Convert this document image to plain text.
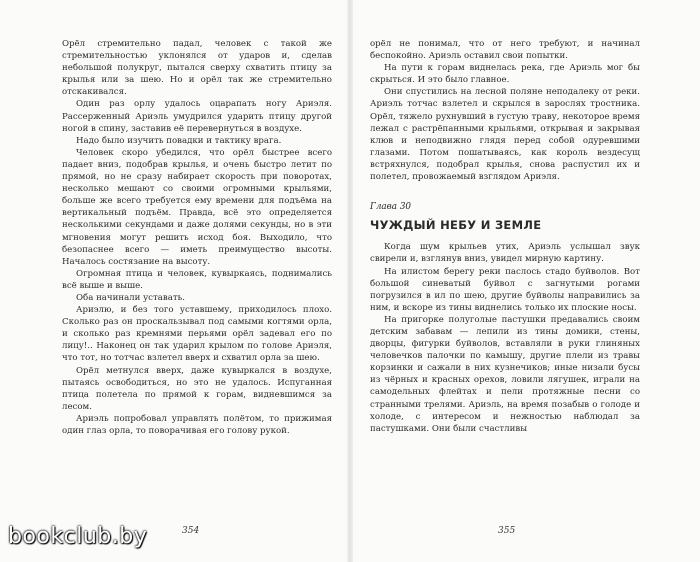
Орёл стремительно падал, человек с такой же стремительностью уклонялся от ударов и, сделав небольшой полукруг, пытался сверху схватить птицу за крылья или за шею. Но и орёл так же стремительно отскакивался.

Один раз орлу удалось оцарапать ногу Ариэля. Рассерженный Ариэль умудрился ударить птицу другой ногой в спину, заставив её перевернуться в воздухе.

Надо было изучить повадки и тактику врага.

Человек скоро убедился, что орёл быстрее всего падает вниз, подобрав крылья, и очень быстро летит по прямой, но не сразу набирает скорость при поворотах, несколько мешают со своими огромными крыльями, больше же всего требуется ему времени для подъёма на вертикальный подъём. Правда, всё это определяется несколькими секундами и даже долями секунды, но в эти мгновения могут решить исход боя. Выходило, что безопаснее всего — иметь преимущество высоты. Началось состязание на высоту.

Огромная птица и человек, кувыркаясь, поднимались всё выше и выше.

Оба начинали уставать.

Ариэлю, и без того уставшему, приходилось плохо. Сколько раз он проскальзывал под самыми когтями орла, и сколько раз кремнями перьями орёл задевал его по лицу!.. Наконец он так ударил крылом по голове Ариэля, что тот, но тотчас взлетел вверх и схватил орла за шею.

Орёл метнулся вверх, даже кувыркался в воздухе, пытаясь освободиться, но это не удалось. Испуганная птица полетела по прямой к горам, видневшимся за лесом.

Ариэль попробовал управлять полётом, то прижимая один глаз орла, то поворачивая его голову рукой.

354

орёл не понимал, что от него требуют, и начинал беспокойно. Ариэль оставил свои попытки.

На пути к горам виднелась река, где Ариэль мог бы скрыться. И это было главное.

Они спустились на лесной поляне неподалеку от реки. Ариэль тотчас взлетел и скрылся в зарослях тростника. Орёл, тяжело рухнувший в густую траву, некоторое время лежал с растрёпанными крыльями, открывая и закрывая клюв и неподвижно глядя перед собой одуревшими глазами. Потом пошатываясь, как король вездесущ встряхнулся, подобрал крылья, снова распустил их и полетел, провожаемый взглядом Ариэля.

Глава 30
ЧУЖДЫЙ НЕБУ И ЗЕМЛЕ

Когда шум крыльев утих, Ариэль услышал звук свирели и, взглянув вниз, увидел мирную картину.

На илистом берегу реки паслось стадо буйволов. Вот большой синеватый буйвол с загнутыми рогами погрузился в ил по шею, другие буйволы направились за ним, и вскоре из тины виднелись только их плоские носы.

На пригорке полуголые пастушки предавались своим детским забавам — лепили из тины домики, стены, дворцы, фигурки буйволов, вставляли в руки глиняных человечков палочки по камышу, другие плели из травы корзинки и сажали в них кузнечиков; иные низали бусы из чёрных и красных орехов, ловили лягушек, играли на самодельных флейтах и пели протяжные песни со странными трелями. Ариэль, на время позабыв о голоде и холоде, с интересом и нежностью наблюдал за пастушками. Они были счастливы

355
bookclub.by
